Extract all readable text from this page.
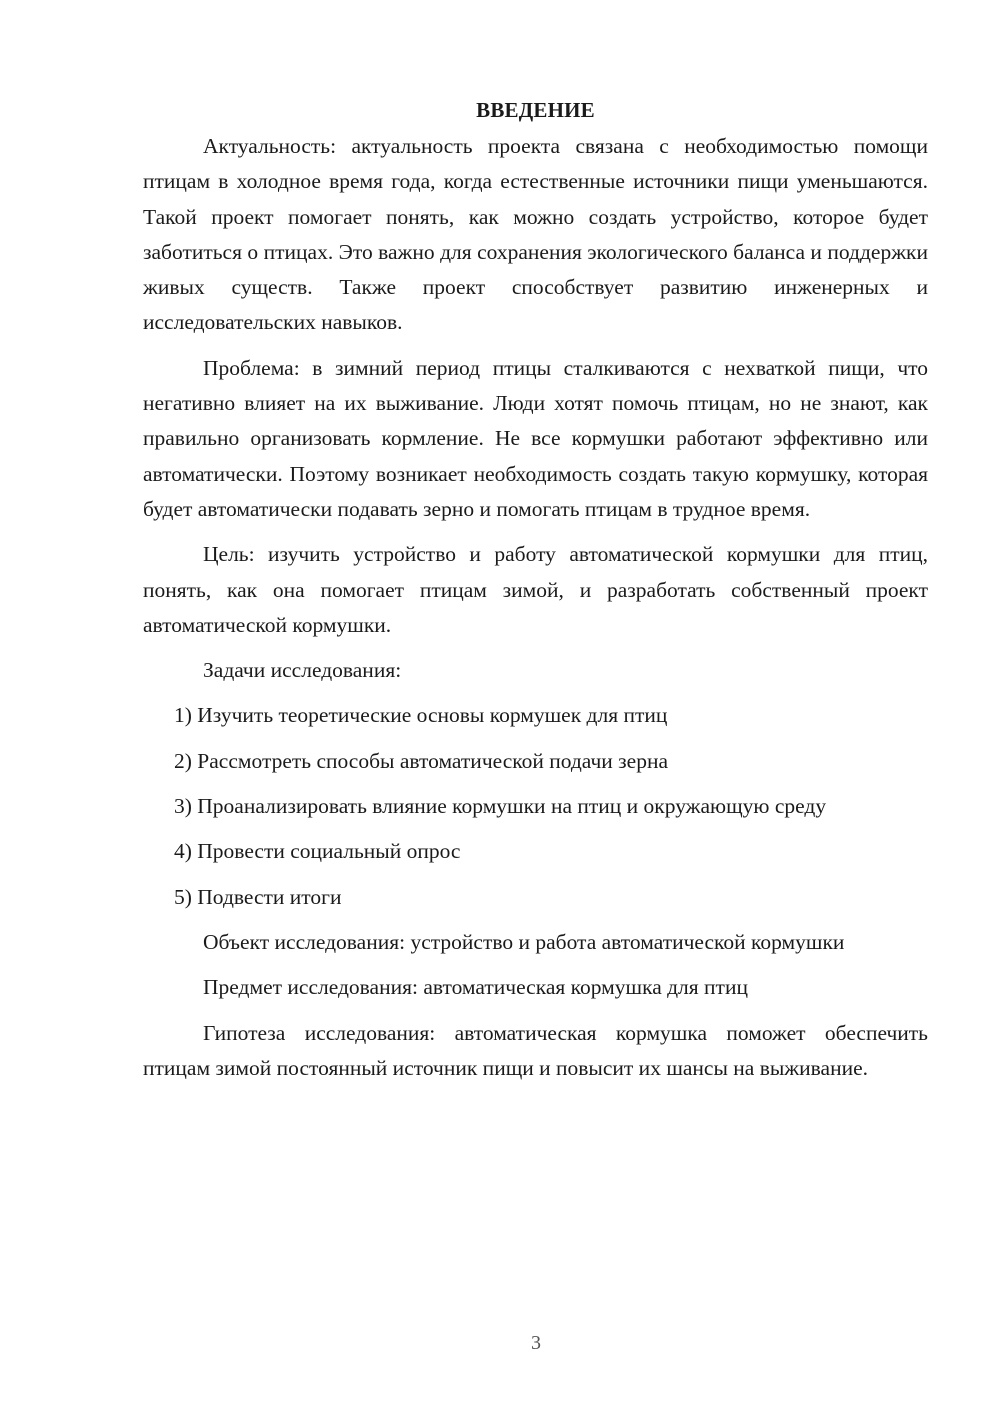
ВВЕДЕНИЕ

Актуальность: актуальность проекта связана с необходимостью помощи птицам в холодное время года, когда естественные источники пищи уменьшаются. Такой проект помогает понять, как можно создать устройство, которое будет заботиться о птицах. Это важно для сохранения экологического баланса и поддержки живых существ. Также проект способствует развитию инженерных и исследовательских навыков.

Проблема: в зимний период птицы сталкиваются с нехваткой пищи, что негативно влияет на их выживание. Люди хотят помочь птицам, но не знают, как правильно организовать кормление. Не все кормушки работают эффективно или автоматически. Поэтому возникает необходимость создать такую кормушку, которая будет автоматически подавать зерно и помогать птицам в трудное время.

Цель: изучить устройство и работу автоматической кормушки для птиц, понять, как она помогает птицам зимой, и разработать собственный проект автоматической кормушки.

Задачи исследования:

1) Изучить теоретические основы кормушек для птиц

2) Рассмотреть способы автоматической подачи зерна

3) Проанализировать влияние кормушки на птиц и окружающую среду

4) Провести социальный опрос

5) Подвести итоги

Объект исследования: устройство и работа автоматической кормушки

Предмет исследования: автоматическая кормушка для птиц

Гипотеза исследования: автоматическая кормушка поможет обеспечить птицам зимой постоянный источник пищи и повысит их шансы на выживание.

3
